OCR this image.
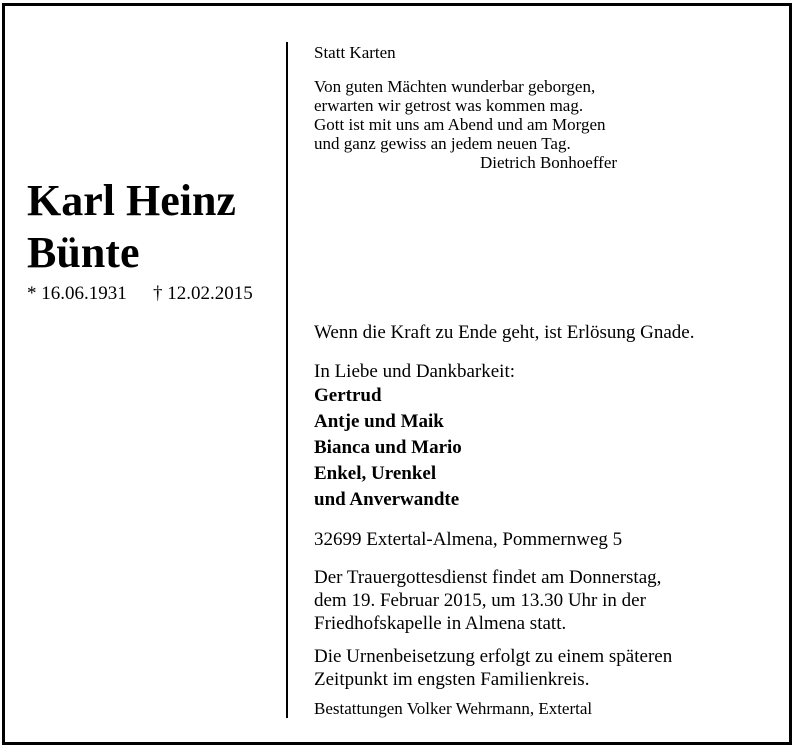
Karl Heinz
Bünte
* 16.06.1931 † 12.02.2015
Statt Karten
Von guten Mächten wunderbar geborgen,
erwarten wir getrost was kommen mag.
Gott ist mit uns am Abend und am Morgen
und ganz gewiss an jedem neuen Tag.
Dietrich Bonhoeffer
Wenn die Kraft zu Ende geht, ist Erlösung Gnade.
In Liebe und Dankbarkeit:
Gertrud
Antje und Maik
Bianca und Mario
Enkel, Urenkel
und Anverwandte
32699 Extertal-Almena, Pommernweg 5
Der Trauergottesdienst findet am Donnerstag,
dem 19. Februar 2015, um 13.30 Uhr in der
Friedhofskapelle in Almena statt.
Die Urnenbeisetzung erfolgt zu einem späteren
Zeitpunkt im engsten Familienkreis.
Bestattungen Volker Wehrmann, Extertal
